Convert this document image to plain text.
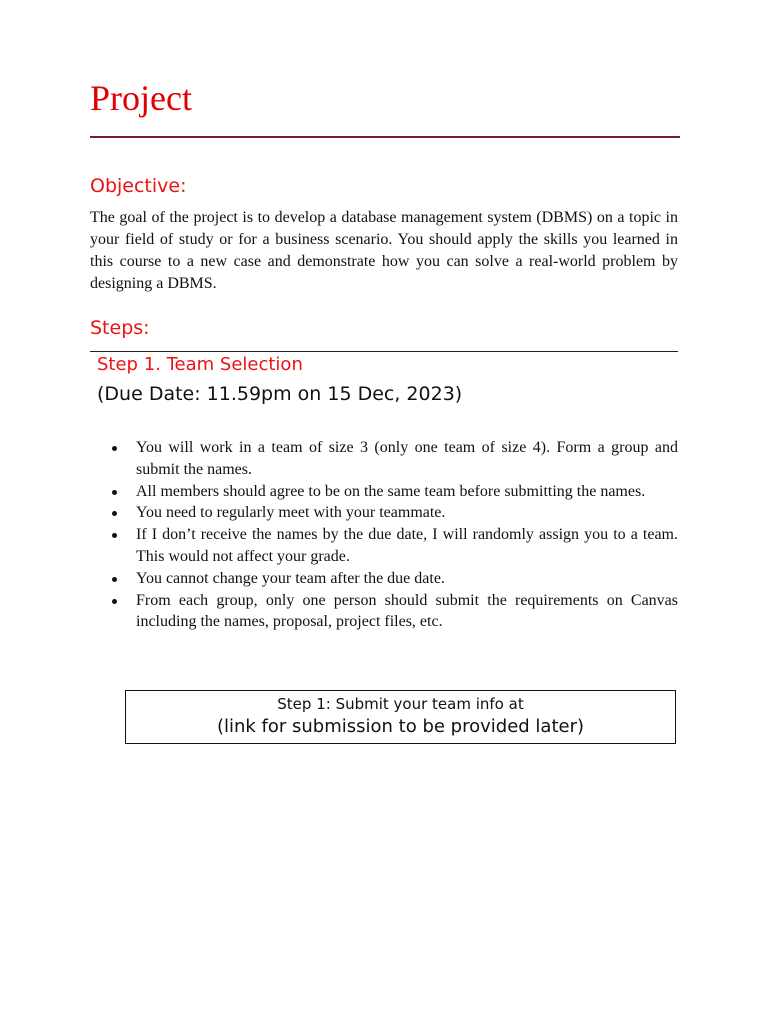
Project
Objective:

The goal of the project is to develop a database management system (DBMS) on a topic in your field of study or for a business scenario. You should apply the skills you learned in this course to a new case and demonstrate how you can solve a real-world problem by designing a DBMS.

Steps:
Step 1. Team Selection
(Due Date: 11.59pm on 15 Dec, 2023)
You will work in a team of size 3 (only one team of size 4). Form a group and submit the names.
All members should agree to be on the same team before submitting the names.
You need to regularly meet with your teammate.
If I don’t receive the names by the due date, I will randomly assign you to a team. This would not affect your grade.
You cannot change your team after the due date.
From each group, only one person should submit the requirements on Canvas including the names, proposal, project files, etc.
Step 1: Submit your team info at
(link for submission to be provided later)
